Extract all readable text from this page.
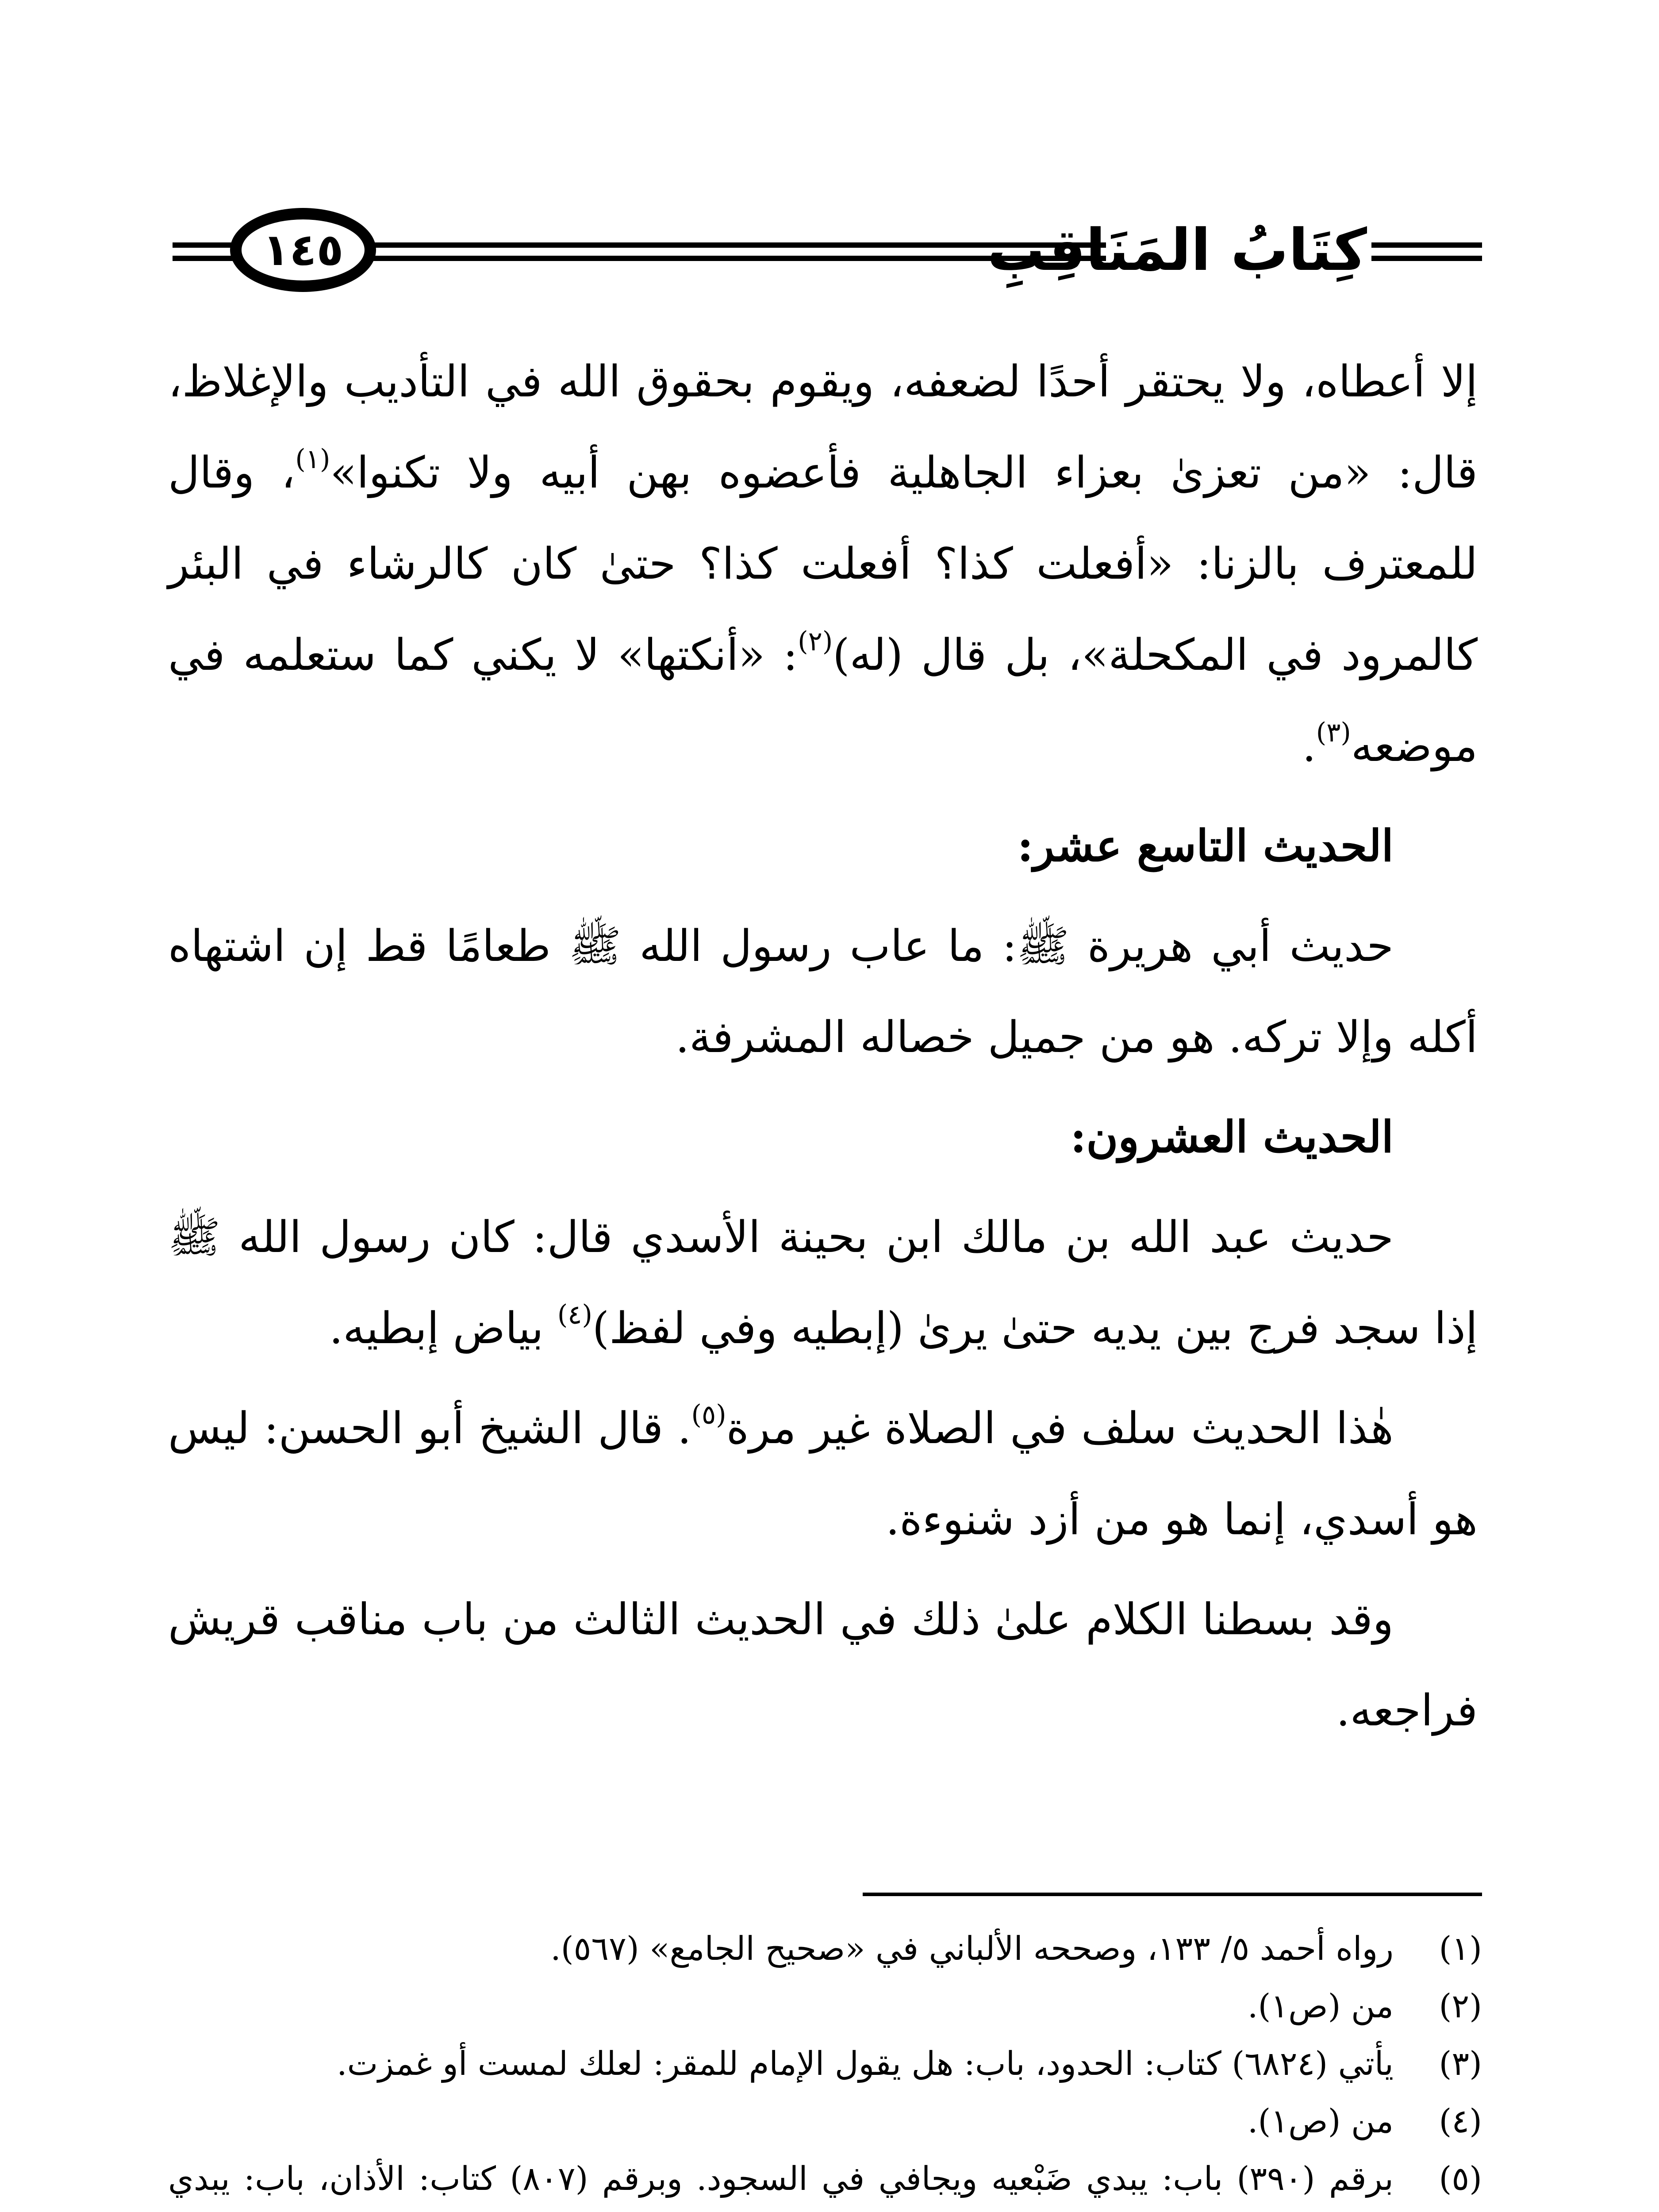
كِتَابُ المَنَاقِبِ
١٤٥

إلا أعطاه، ولا يحتقر أحدًا لضعفه، ويقوم بحقوق الله في التأديب والإغلاظ، قال: «من تعزىٰ بعزاء الجاهلية فأعضوه بهن أبيه ولا تكنوا»$^{(١)}$، وقال للمعترف بالزنا: «أفعلت كذا؟ أفعلت كذا؟ حتىٰ كان كالرشاء في البئر كالمرود في المكحلة»، بل قال (له)$^{(٢)}$: «أنكتها» لا يكني كما ستعلمه في موضعه$^{(٣)}$.

الحديث التاسع عشر:

حديث أبي هريرة ﷺ: ما عاب رسول الله ﷺ طعامًا قط إن اشتهاه أكله وإلا تركه. هو من جميل خصاله المشرفة.

الحديث العشرون:

حديث عبد الله بن مالك ابن بحينة الأسدي قال: كان رسول الله ﷺ إذا سجد فرج بين يديه حتىٰ يرىٰ (إبطيه وفي لفظ)$^{(٤)}$ بياض إبطيه.

هٰذا الحديث سلف في الصلاة غير مرة$^{(٥)}$. قال الشيخ أبو الحسن: ليس هو أسدي، إنما هو من أزد شنوءة.

وقد بسطنا الكلام علىٰ ذلك في الحديث الثالث من باب مناقب قريش فراجعه.

(١)
رواه أحمد ٥/ ١٣٣، وصححه الألباني في «صحيح الجامع» (٥٦٧).
(٢)
من (ص١).
(٣)
يأتي (٦٨٢٤) كتاب: الحدود، باب: هل يقول الإمام للمقر: لعلك لمست أو غمزت.
(٤)
من (ص١).
(٥)
برقم (٣٩٠) باب: يبدي ضَبْعيه ويجافي في السجود. وبرقم (٨٠٧) كتاب: الأذان، باب: يبدي
